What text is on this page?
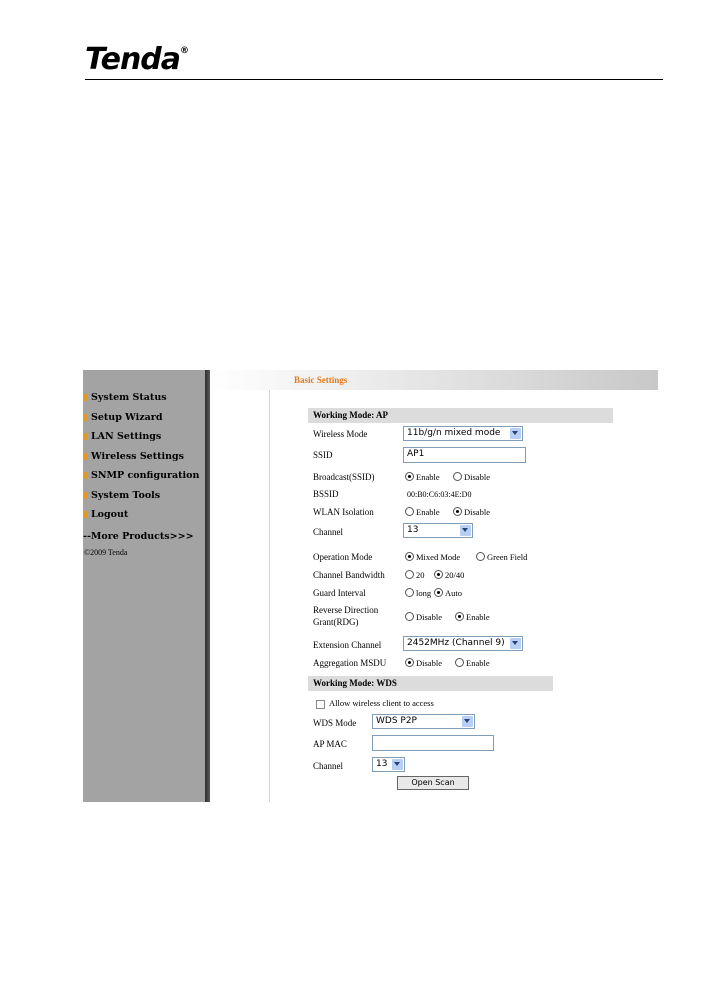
Tenda®
System Status
Setup Wizard
LAN Settings
Wireless Settings
SNMP configuration
System Tools
Logout
--More Products>>>
©2009 Tenda
Basic Settings
Working Mode: AP
Wireless Mode	11b/g/n mixed mode
SSID	AP1
Broadcast(SSID)	Enable	Disable
BSSID	00:B0:C6:03:4E:D0
WLAN Isolation	Enable	Disable
Channel	13
Operation Mode	Mixed Mode	Green Field
Channel Bandwidth	20	20/40
Guard Interval	long	Auto
Reverse Direction
Grant(RDG)	Disable	Enable
Extension Channel	2452MHz (Channel 9)
Aggregation MSDU	Disable	Enable
Working Mode: WDS
Allow wireless client to access
WDS Mode	WDS P2P
AP MAC
Channel	13
Open Scan
